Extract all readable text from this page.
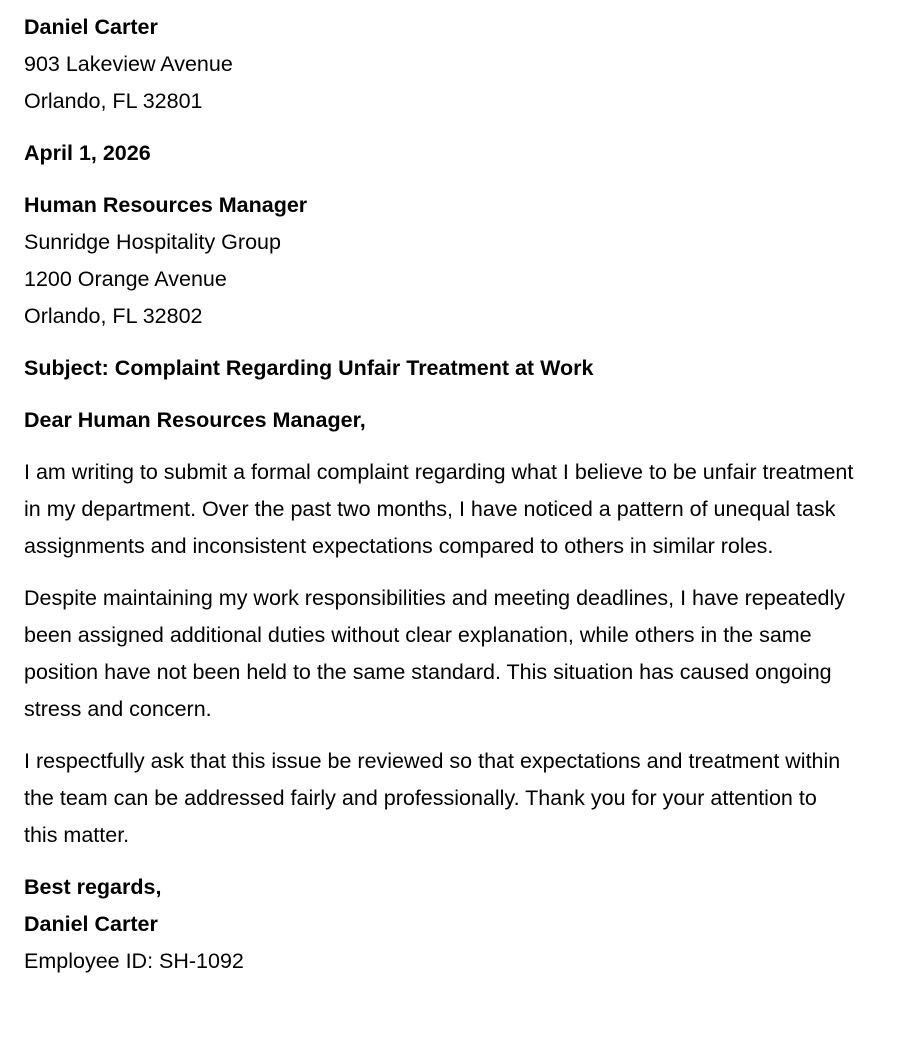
Daniel Carter
903 Lakeview Avenue
Orlando, FL 32801
April 1, 2026
Human Resources Manager
Sunridge Hospitality Group
1200 Orange Avenue
Orlando, FL 32802
Subject: Complaint Regarding Unfair Treatment at Work
Dear Human Resources Manager,
I am writing to submit a formal complaint regarding what I believe to be unfair treatment in my department. Over the past two months, I have noticed a pattern of unequal task assignments and inconsistent expectations compared to others in similar roles.
Despite maintaining my work responsibilities and meeting deadlines, I have repeatedly been assigned additional duties without clear explanation, while others in the same position have not been held to the same standard. This situation has caused ongoing stress and concern.
I respectfully ask that this issue be reviewed so that expectations and treatment within the team can be addressed fairly and professionally. Thank you for your attention to this matter.
Best regards,
Daniel Carter
Employee ID: SH-1092
